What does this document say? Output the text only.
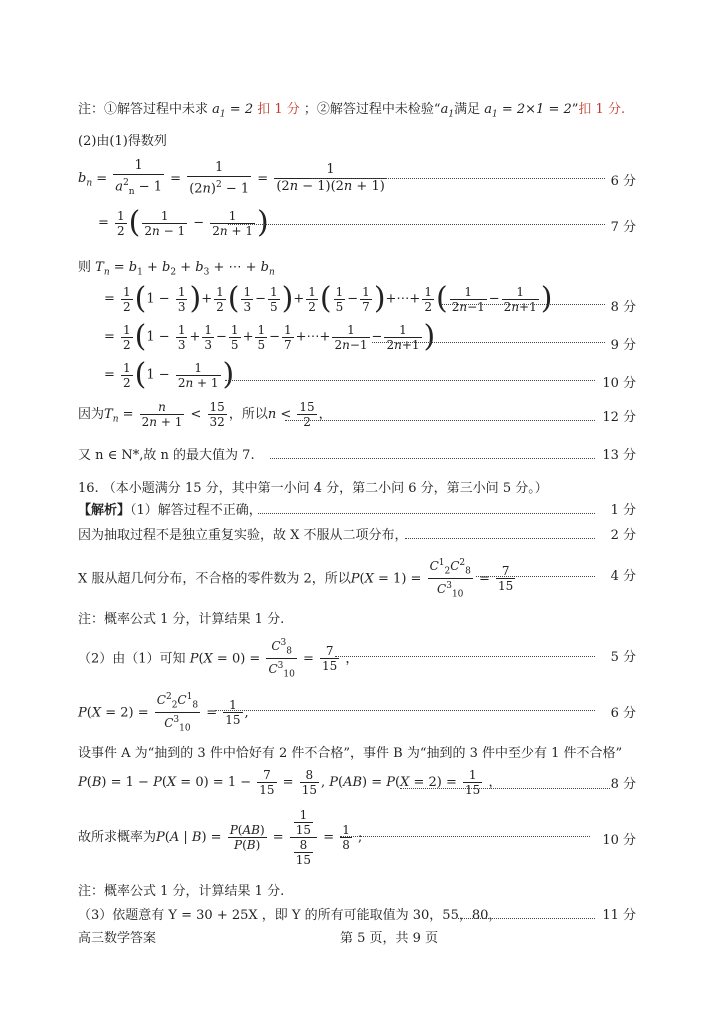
注：①解答过程中未求 $a_1 = 2$ 扣 1 分 ；②解答过程中未检验“$a_1$满足 $a_1 = 2\times 1 = 2$”扣 1 分.
(2)由(1)得数列
$b_n = \frac{1}{a^2_n - 1} = \frac{1}{(2n)^2 - 1} = \frac{1}{(2n - 1)(2n + 1)}$	6 分
= $\frac{1}{2}$ ( $\frac{1}{2n - 1} - \frac{1}{2n + 1}$ )	7 分
则 $T_n = b_1 + b_2 + b_3$ + ⋯ + $b_n$
= $\frac{1}{2} (1 - \frac{1}{3}$ )+ $\frac{1}{2}$ ( $\frac{1}{3} - \frac{1}{5}$ )+ $\frac{1}{2}$ ( $\frac{1}{5} - \frac{1}{7}$ )+⋯+ $\frac{1}{2}$ ( $\frac{1}{2n-1} - \frac{1}{2n+1}$ )	8 分
= $\frac{1}{2} (1 - \frac{1}{3} + \frac{1}{3} - \frac{1}{5} + \frac{1}{5} - \frac{1}{7}$ +⋯+ $\frac{1}{2n-1} - \frac{1}{2n+1}$ )	9 分
= $\frac{1}{2} (1 - \frac{1}{2n + 1}$ )	10 分
因为$T_n = \frac{n}{2n + 1} < \frac{15}{32}$ ，所以$n < \frac{15}{2}$ ，	12 分
又 n ∈ N*,故 n 的最大值为 7.	13 分
16. （本小题满分 15 分，其中第一小问 4 分，第二小问 6 分，第三小问 5 分。）
【解析】（1）解答过程不正确，	1 分
因为抽取过程不是独立重复实验，故 X 不服从二项分布，	2 分
X 服从超几何分布，不合格的零件数为 2，所以$P(X = 1) = \frac{C^1_2C^2_8}{C^3_{10}} = \frac{7}{15}$	4 分
注：概率公式 1 分，计算结果 1 分.
（2）由（1）可知 $P(X = 0) = \frac{C^3_8}{C^3_{10}} = \frac{7}{15}$ ，	5 分
$P(X = 2) = \frac{C^2_2C^1_8}{C^3_{10}} = \frac{1}{15}$ ,	6 分
设事件 A 为“抽到的 3 件中恰好有 2 件不合格”，事件 B 为“抽到的 3 件中至少有 1 件不合格”
$P(B) = 1 - P(X = 0) = 1 - \frac{7}{15} = \frac{8}{15}$ , $P(AB) = P(X = 2) = \frac{1}{15}$ ，	8 分
故所求概率为P(A | $B) = \frac{P(AB)}{P(B)} = \frac{\frac{1}{15}}{\frac{8}{15}} = \frac{1}{8}$ ;	10 分
注：概率公式 1 分，计算结果 1 分.
（3）依题意有 Y = 30 + 25X ，即 Y 的所有可能取值为 30，55，80，	11 分
高三数学答案	第 5 页，共 9 页
